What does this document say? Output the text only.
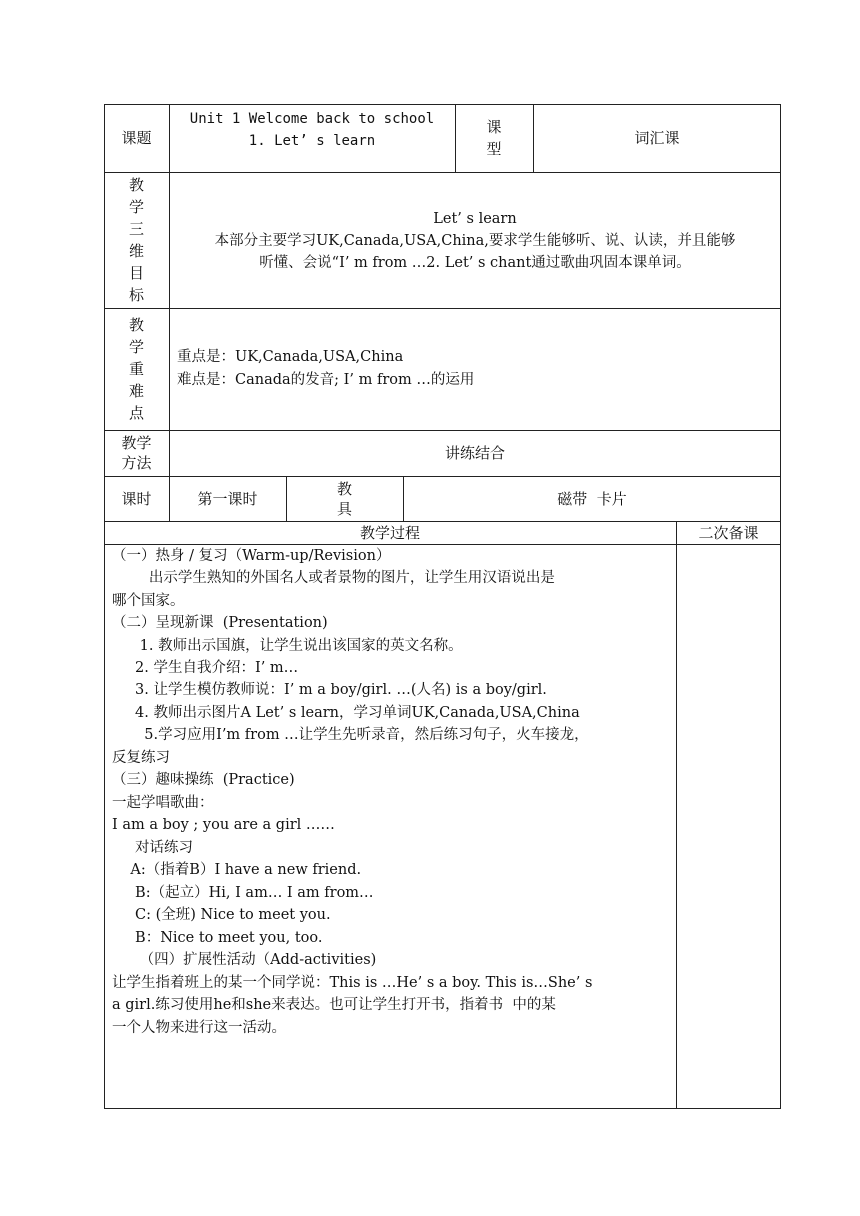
课题
Unit 1 Welcome back to school
1. Let’ s learn
课
型
词汇课
教
学
三
维
目
标
Let’ s learn
本部分主要学习UK,Canada,USA,China,要求学生能够听、说、认读，并且能够
听懂、会说“I’ m from …2. Let’ s chant通过歌曲巩固本课单词。
教
学
重
难
点
重点是：UK,Canada,USA,China
难点是：Canada的发音; I’ m from …的运用
教学
方法
讲练结合
课时	第一课时
教
具
磁带  卡片
教学过程	二次备课
（一）热身 / 复习（Warm-up/Revision）
出示学生熟知的外国名人或者景物的图片，让学生用汉语说出是
哪个国家。
（二）呈现新课  (Presentation)
1. 教师出示国旗，让学生说出该国家的英文名称。
2. 学生自我介绍：I’ m…
3. 让学生模仿教师说：I’ m a boy/girl. …(人名) is a boy/girl.
4. 教师出示图片A Let’ s learn，学习单词UK,Canada,USA,China
5.学习应用I’m from …让学生先听录音，然后练习句子，火车接龙，
反复练习
（三）趣味操练  (Practice)
一起学唱歌曲：
I am a boy ; you are a girl ……
对话练习
A:（指着B）I have a new friend.
B:（起立）Hi, I am… I am from…
C: (全班) Nice to meet you.
B：Nice to meet you, too.
（四）扩展性活动（Add-activities)
让学生指着班上的某一个同学说：This is …He’ s a boy. This is…She’ s
a girl.练习使用he和she来表达。也可让学生打开书，指着书  中的某
一个人物来进行这一活动。
